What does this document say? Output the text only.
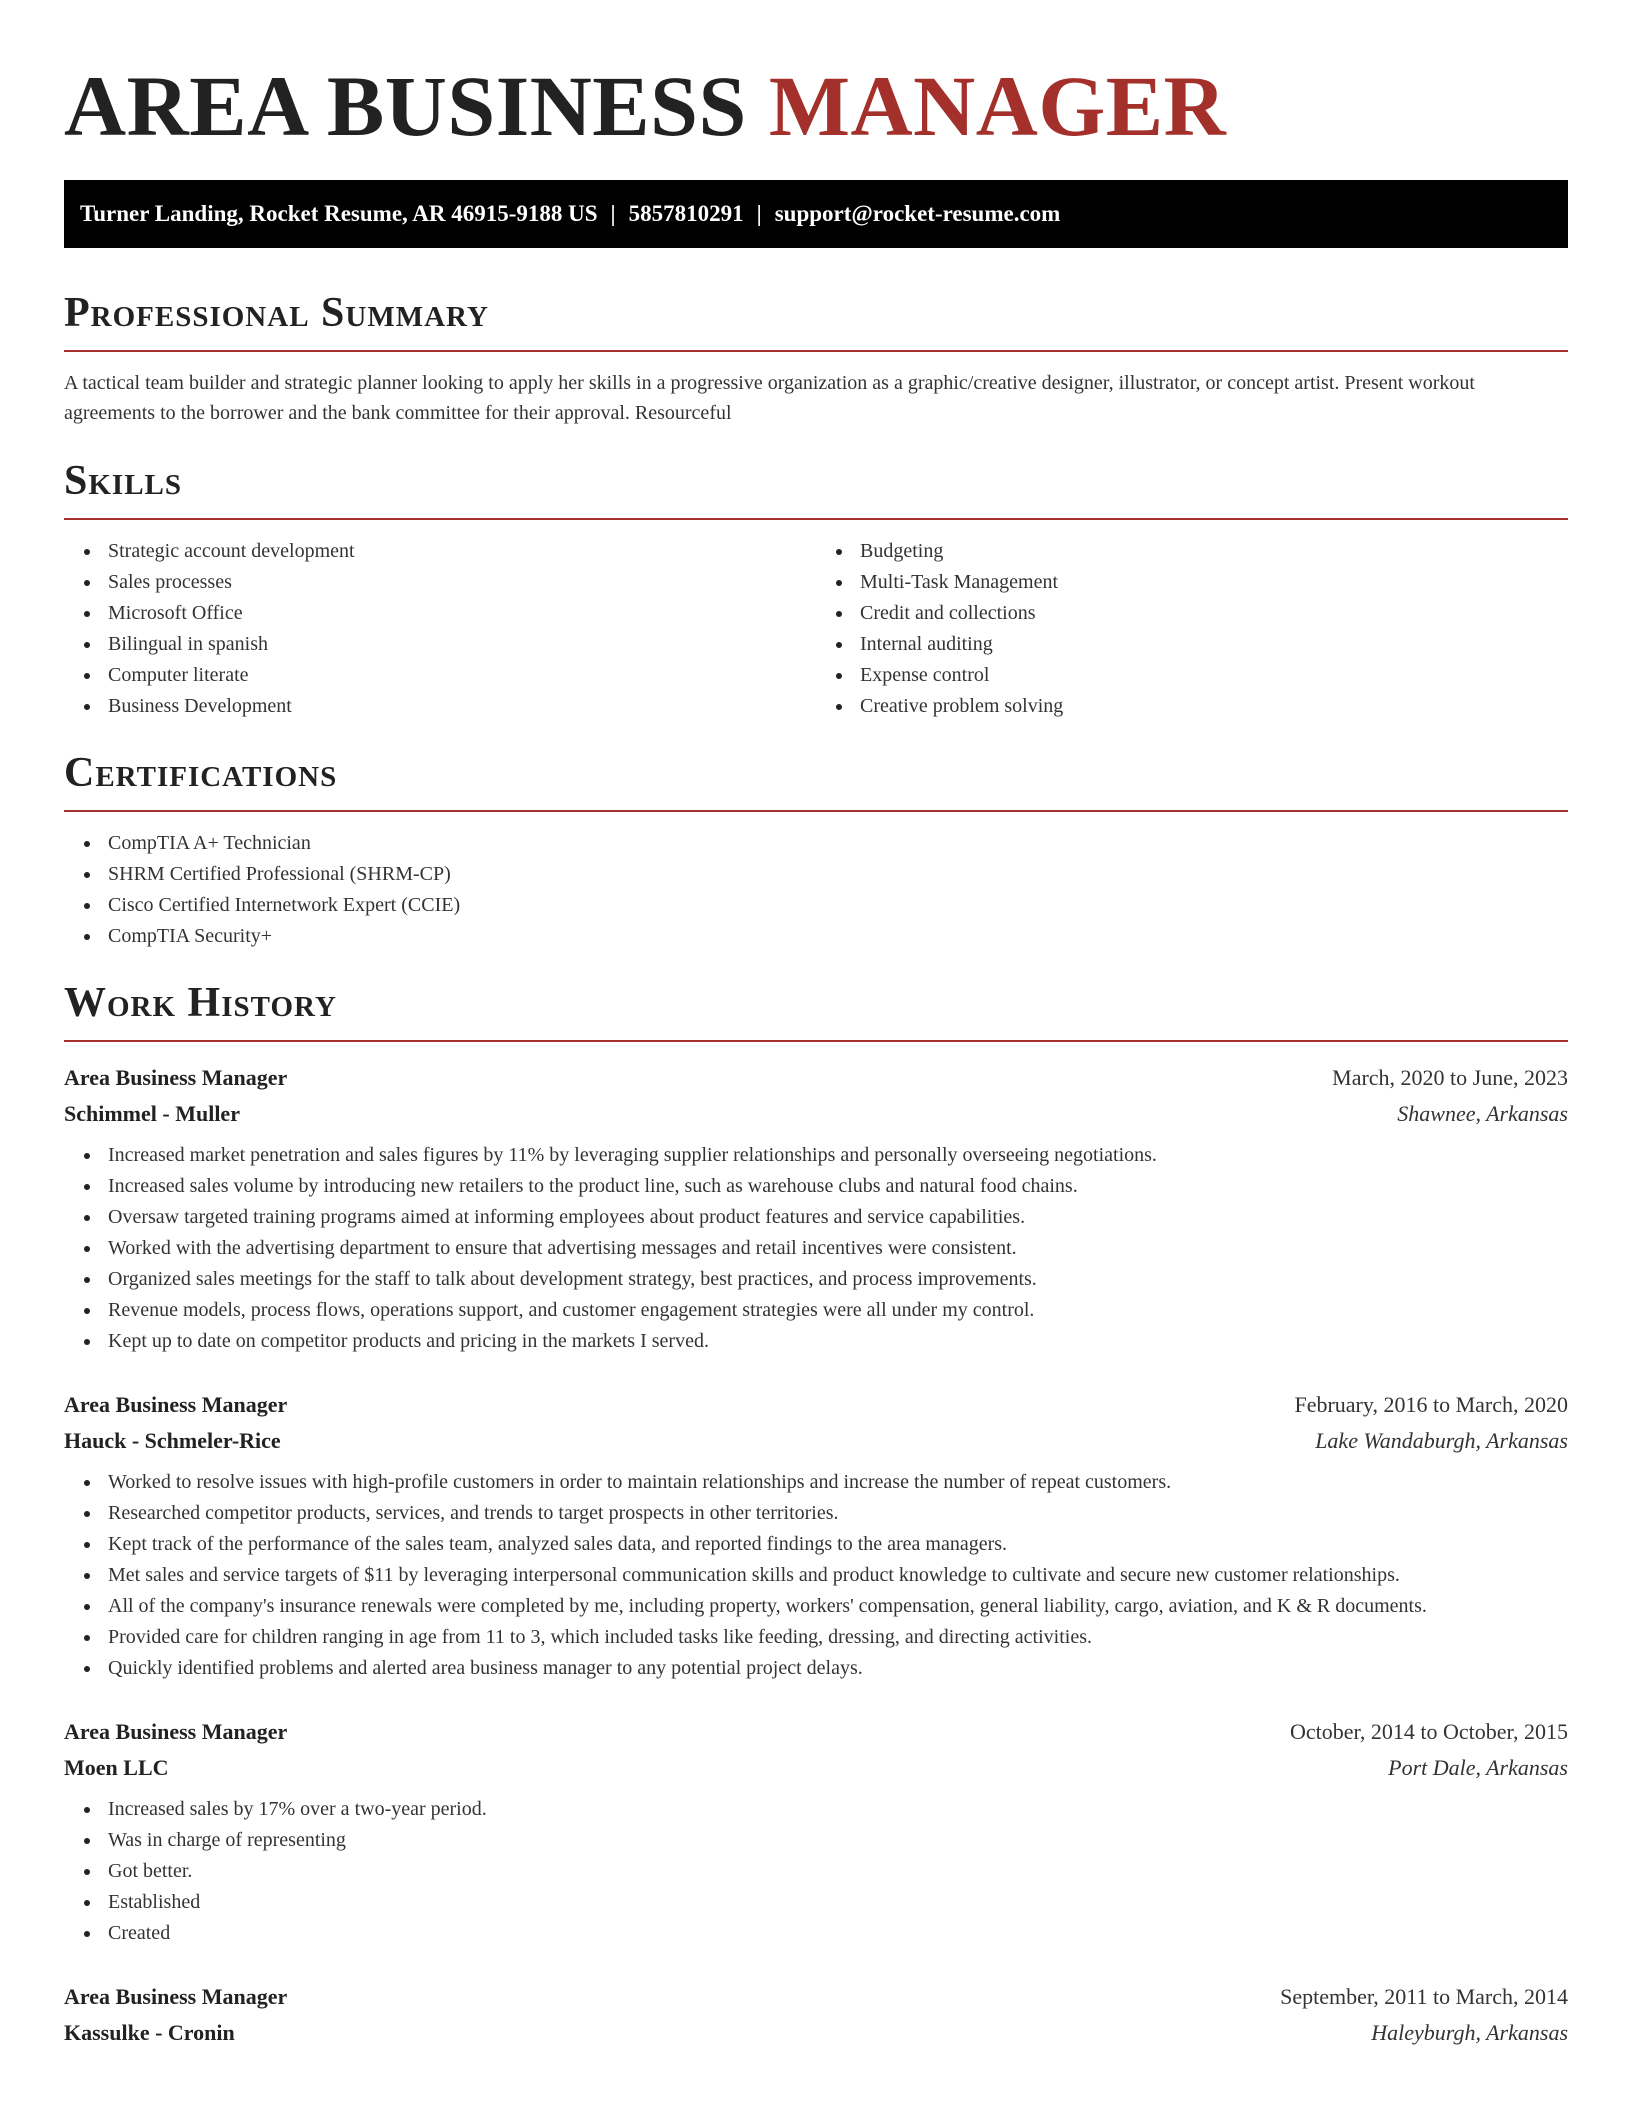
AREA BUSINESS MANAGER
Turner Landing, Rocket Resume, AR 46915-9188 US | 5857810291 | support@rocket-resume.com
Professional Summary

A tactical team builder and strategic planner looking to apply her skills in a progressive organization as a graphic/creative designer, illustrator, or concept artist. Present workout agreements to the borrower and the bank committee for their approval. Resourceful

Skills
Strategic account development
Sales processes
Microsoft Office
Bilingual in spanish
Computer literate
Business Development
Budgeting
Multi-Task Management
Credit and collections
Internal auditing
Expense control
Creative problem solving
Certifications
CompTIA A+ Technician
SHRM Certified Professional (SHRM-CP)
Cisco Certified Internetwork Expert (CCIE)
CompTIA Security+
Work History
Area Business Manager	March, 2020 to June, 2023
Schimmel - Muller	Shawnee, Arkansas
Increased market penetration and sales figures by 11% by leveraging supplier relationships and personally overseeing negotiations.
Increased sales volume by introducing new retailers to the product line, such as warehouse clubs and natural food chains.
Oversaw targeted training programs aimed at informing employees about product features and service capabilities.
Worked with the advertising department to ensure that advertising messages and retail incentives were consistent.
Organized sales meetings for the staff to talk about development strategy, best practices, and process improvements.
Revenue models, process flows, operations support, and customer engagement strategies were all under my control.
Kept up to date on competitor products and pricing in the markets I served.
Area Business Manager	February, 2016 to March, 2020
Hauck - Schmeler-Rice	Lake Wandaburgh, Arkansas
Worked to resolve issues with high-profile customers in order to maintain relationships and increase the number of repeat customers.
Researched competitor products, services, and trends to target prospects in other territories.
Kept track of the performance of the sales team, analyzed sales data, and reported findings to the area managers.
Met sales and service targets of $11 by leveraging interpersonal communication skills and product knowledge to cultivate and secure new customer relationships.
All of the company's insurance renewals were completed by me, including property, workers' compensation, general liability, cargo, aviation, and K & R documents.
Provided care for children ranging in age from 11 to 3, which included tasks like feeding, dressing, and directing activities.
Quickly identified problems and alerted area business manager to any potential project delays.
Area Business Manager	October, 2014 to October, 2015
Moen LLC	Port Dale, Arkansas
Increased sales by 17% over a two-year period.
Was in charge of representing
Got better.
Established
Created
Area Business Manager	September, 2011 to March, 2014
Kassulke - Cronin	Haleyburgh, Arkansas
